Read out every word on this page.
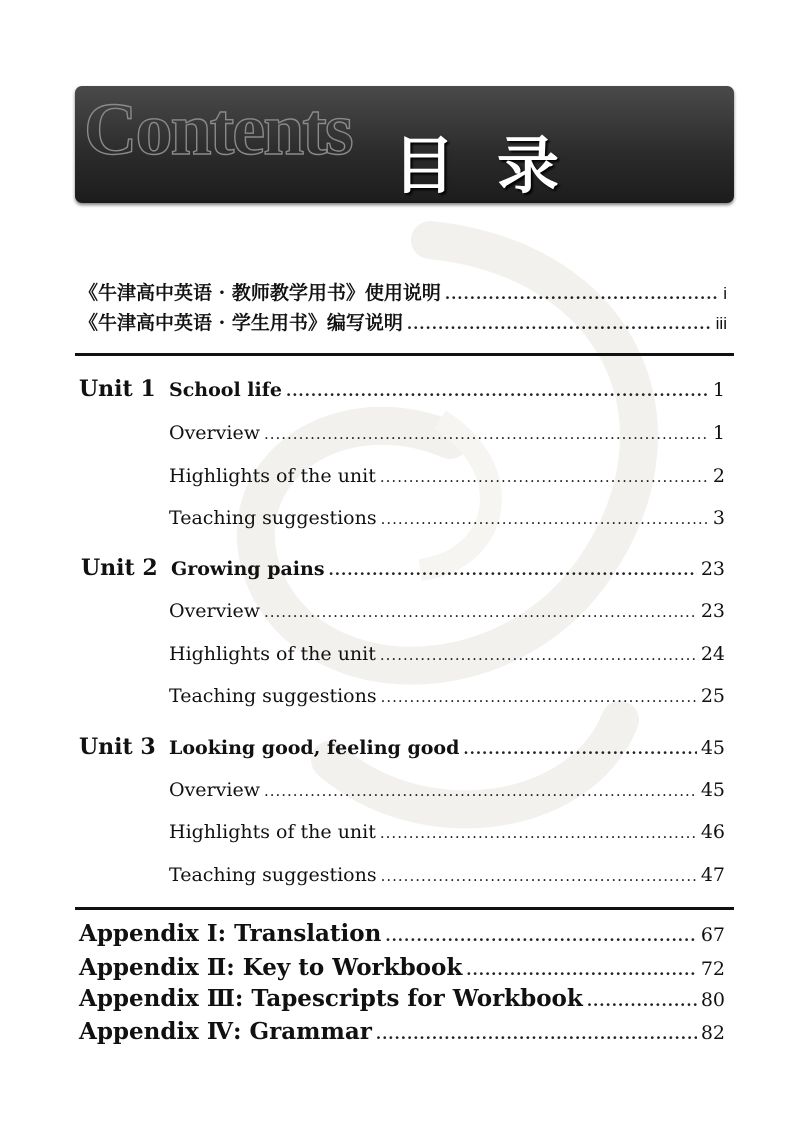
Contents 目录
《牛津高中英语 · 教师教学用书》使用说明 .....	i
《牛津高中英语 · 学生用书》编写说明 .....	iii
Unit 1 School life .....	1
Overview .....	1
Highlights of the unit .....	2
Teaching suggestions .....	3
Unit 2 Growing pains .....	23
Overview .....	23
Highlights of the unit .....	24
Teaching suggestions .....	25
Unit 3 Looking good, feeling good .....	45
Overview .....	45
Highlights of the unit .....	46
Teaching suggestions .....	47
Appendix Ⅰ: Translation .....	67
Appendix Ⅱ: Key to Workbook .....	72
Appendix Ⅲ: Tapescripts for Workbook .....	80
Appendix Ⅳ: Grammar .....	82
